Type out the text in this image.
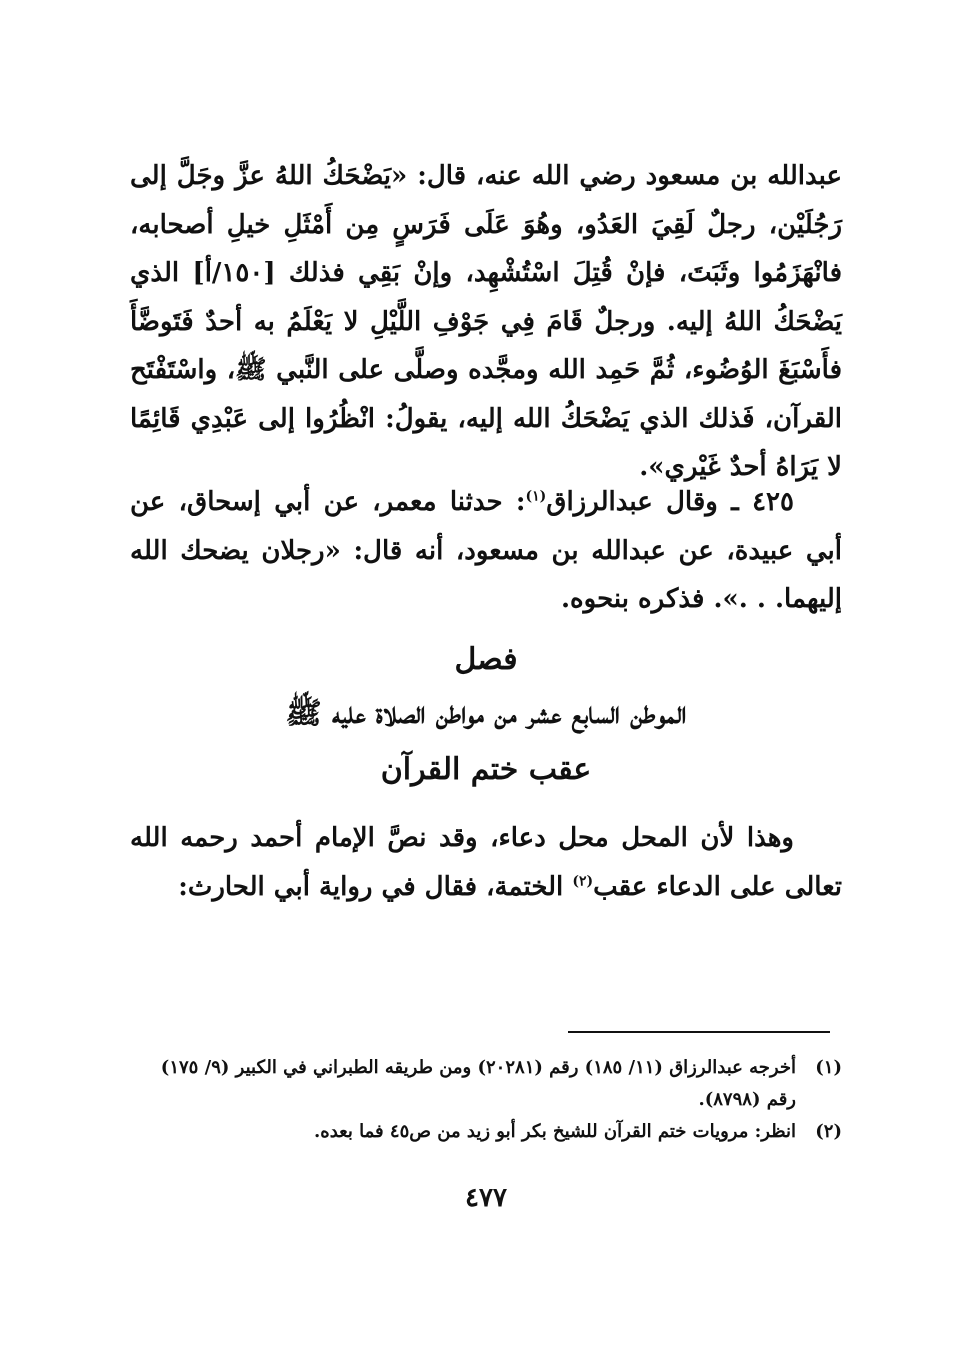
عبدالله بن مسعود رضي الله عنه، قال: «يَضْحَكُ اللهُ عزَّ وجَلَّ إلى رَجُلَيْن، رجلٌ لَقِيَ العَدُو، وهُوَ عَلَى فَرَسٍ مِن أَمْثَلِ خيلِ أصحابه، فانْهَزَمُوا وثَبَتَ، فإنْ قُتِلَ اسْتُشْهِد، وإنْ بَقِي فذلك [١٥٠/أ] الذي يَضْحَكُ اللهُ إليه. ورجلٌ قَامَ فِي جَوْفِ اللَّيْلِ لا يَعْلَمُ به أحدٌ فَتَوضَّأَ فأَسْبَغَ الوُضُوء، ثُمَّ حَمِد الله ومجَّده وصلَّى على النَّبي ﷺ، واسْتَفْتَح القرآن، فَذلك الذي يَضْحَكُ الله إليه، يقولُ: انْظُرُوا إلى عَبْدِي قَائِمًا لا يَرَاهُ أحدٌ غَيْري».
٤٢٥ ـ وقال عبدالرزاق$^{(١)}$: حدثنا معمر، عن أبي إسحاق، عن أبي عبيدة، عن عبدالله بن مسعود، أنه قال: «رجلان يضحك الله إليهما. . .». فذكره بنحوه.
فصل
الموطن السابع عشر من مواطن الصلاة عليه ﷺ
عقب ختم القرآن
وهذا لأن المحل محل دعاء، وقد نصَّ الإمام أحمد رحمه الله تعالى على الدعاء عقب$^{(٢)}$ الختمة، فقال في رواية أبي الحارث:
(١)
أخرجه عبدالرزاق (١١/ ١٨٥) رقم (٢٠٢٨١) ومن طريقه الطبراني في الكبير (٩/ ١٧٥) رقم (٨٧٩٨).
(٢)
انظر: مرويات ختم القرآن للشيخ بكر أبو زيد من ص٤٥ فما بعده.
٤٧٧
